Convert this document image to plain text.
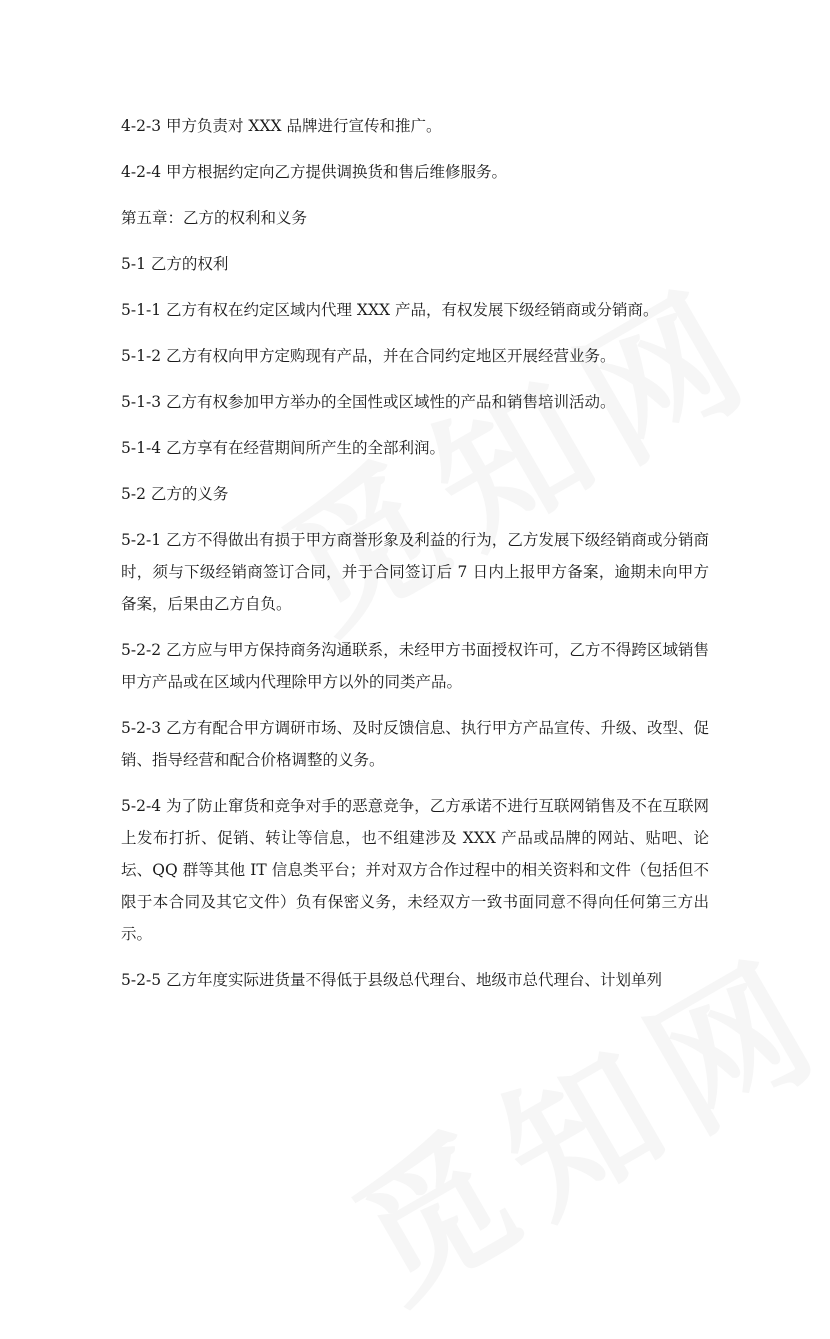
4-2-3 甲方负责对 XXX 品牌进行宣传和推广。

4-2-4 甲方根据约定向乙方提供调换货和售后维修服务。

第五章：乙方的权利和义务

5-1 乙方的权利

5-1-1 乙方有权在约定区域内代理 XXX 产品，有权发展下级经销商或分销商。

5-1-2 乙方有权向甲方定购现有产品，并在合同约定地区开展经营业务。

5-1-3 乙方有权参加甲方举办的全国性或区域性的产品和销售培训活动。

5-1-4 乙方享有在经营期间所产生的全部利润。

5-2 乙方的义务

5-2-1 乙方不得做出有损于甲方商誉形象及利益的行为，乙方发展下级经销商或分销商时，须与下级经销商签订合同，并于合同签订后 7 日内上报甲方备案，逾期未向甲方备案，后果由乙方自负。

5-2-2 乙方应与甲方保持商务沟通联系，未经甲方书面授权许可，乙方不得跨区域销售甲方产品或在区域内代理除甲方以外的同类产品。

5-2-3 乙方有配合甲方调研市场、及时反馈信息、执行甲方产品宣传、升级、改型、促销、指导经营和配合价格调整的义务。

5-2-4 为了防止窜货和竞争对手的恶意竞争，乙方承诺不进行互联网销售及不在互联网上发布打折、促销、转让等信息，也不组建涉及 XXX 产品或品牌的网站、贴吧、论坛、QQ 群等其他 IT 信息类平台；并对双方合作过程中的相关资料和文件（包括但不限于本合同及其它文件）负有保密义务，未经双方一致书面同意不得向任何第三方出示。

5-2-5 乙方年度实际进货量不得低于县级总代理台、地级市总代理台、计划单列
